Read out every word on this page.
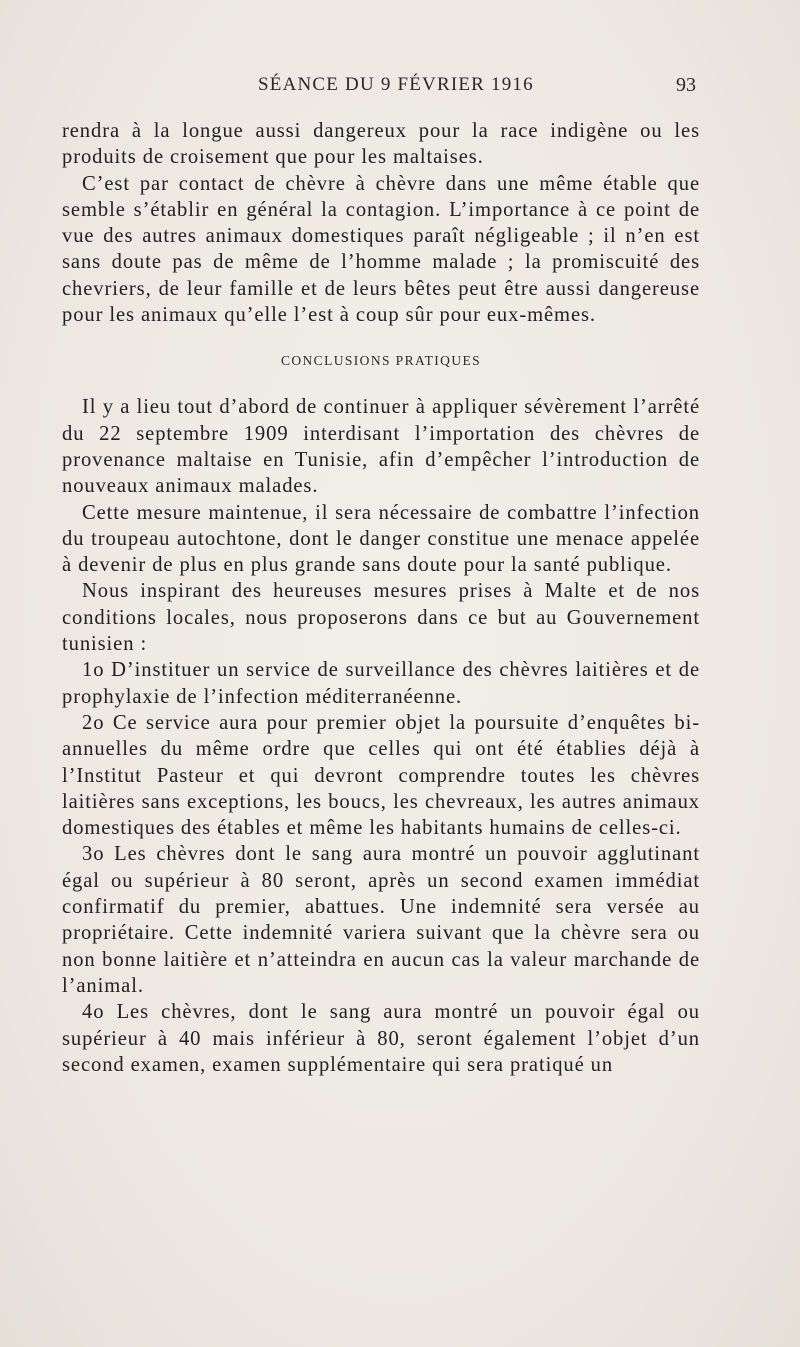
SÉANCE DU 9 FÉVRIER 1916	93

rendra à la longue aussi dangereux pour la race indigène ou les produits de croisement que pour les maltaises.

C’est par contact de chèvre à chèvre dans une même étable que semble s’établir en général la contagion. L’importance à ce point de vue des autres animaux domestiques paraît négligeable ; il n’en est sans doute pas de même de l’homme malade ; la promiscuité des chevriers, de leur famille et de leurs bêtes peut être aussi dangereuse pour les animaux qu’elle l’est à coup sûr pour eux-mêmes.

CONCLUSIONS PRATIQUES

Il y a lieu tout d’abord de continuer à appliquer sévèrement l’arrêté du 22 septembre 1909 interdisant l’importation des chèvres de provenance maltaise en Tunisie, afin d’empêcher l’introduction de nouveaux animaux malades.

Cette mesure maintenue, il sera nécessaire de combattre l’infection du troupeau autochtone, dont le danger constitue une menace appelée à devenir de plus en plus grande sans doute pour la santé publique.

Nous inspirant des heureuses mesures prises à Malte et de nos conditions locales, nous proposerons dans ce but au Gouvernement tunisien :

1o D’instituer un service de surveillance des chèvres laitières et de prophylaxie de l’infection méditerranéenne.

2o Ce service aura pour premier objet la poursuite d’enquêtes bi-annuelles du même ordre que celles qui ont été établies déjà à l’Institut Pasteur et qui devront comprendre toutes les chèvres laitières sans exceptions, les boucs, les chevreaux, les autres animaux domestiques des étables et même les habitants humains de celles-ci.

3o Les chèvres dont le sang aura montré un pouvoir agglutinant égal ou supérieur à 80 seront, après un second examen immédiat confirmatif du premier, abattues. Une indemnité sera versée au propriétaire. Cette indemnité variera suivant que la chèvre sera ou non bonne laitière et n’atteindra en aucun cas la valeur marchande de l’animal.

4o Les chèvres, dont le sang aura montré un pouvoir égal ou supérieur à 40 mais inférieur à 80, seront également l’objet d’un second examen, examen supplémentaire qui sera pratiqué un
